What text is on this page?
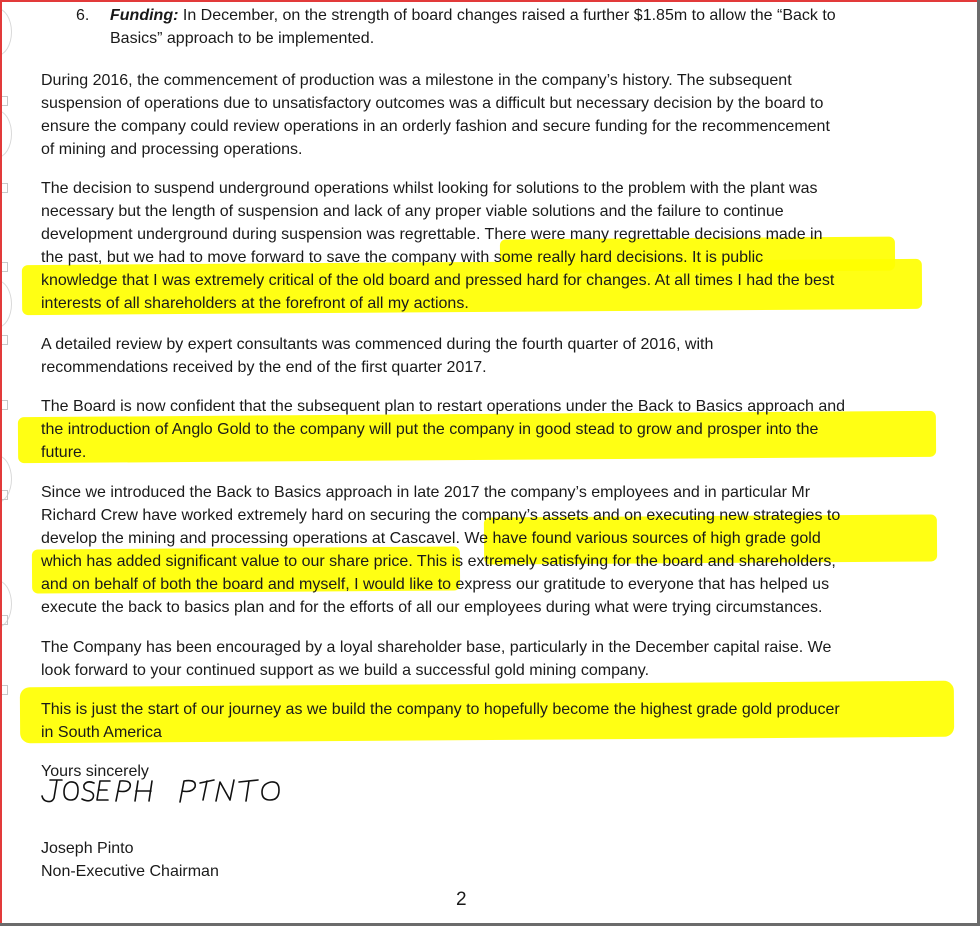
6. Funding: In December, on the strength of board changes raised a further $1.85m to allow the “Back to
Basics” approach to be implemented.
During 2016, the commencement of production was a milestone in the company’s history. The subsequent
suspension of operations due to unsatisfactory outcomes was a difficult but necessary decision by the board to
ensure the company could review operations in an orderly fashion and secure funding for the recommencement
of mining and processing operations.
The decision to suspend underground operations whilst looking for solutions to the problem with the plant was
necessary but the length of suspension and lack of any proper viable solutions and the failure to continue
development underground during suspension was regrettable. There were many regrettable decisions made in
the past, but we had to move forward to save the company with some really hard decisions. It is public
knowledge that I was extremely critical of the old board and pressed hard for changes. At all times I had the best
interests of all shareholders at the forefront of all my actions.
A detailed review by expert consultants was commenced during the fourth quarter of 2016, with
recommendations received by the end of the first quarter 2017.
The Board is now confident that the subsequent plan to restart operations under the Back to Basics approach and
the introduction of Anglo Gold to the company will put the company in good stead to grow and prosper into the
future.
Since we introduced the Back to Basics approach in late 2017 the company’s employees and in particular Mr
Richard Crew have worked extremely hard on securing the company’s assets and on executing new strategies to
develop the mining and processing operations at Cascavel. We have found various sources of high grade gold
which has added significant value to our share price. This is extremely satisfying for the board and shareholders,
and on behalf of both the board and myself, I would like to express our gratitude to everyone that has helped us
execute the back to basics plan and for the efforts of all our employees during what were trying circumstances.
The Company has been encouraged by a loyal shareholder base, particularly in the December capital raise. We
look forward to your continued support as we build a successful gold mining company.
This is just the start of our journey as we build the company to hopefully become the highest grade gold producer
in South America
Yours sincerely
Joseph Pinto
Non-Executive Chairman
2
